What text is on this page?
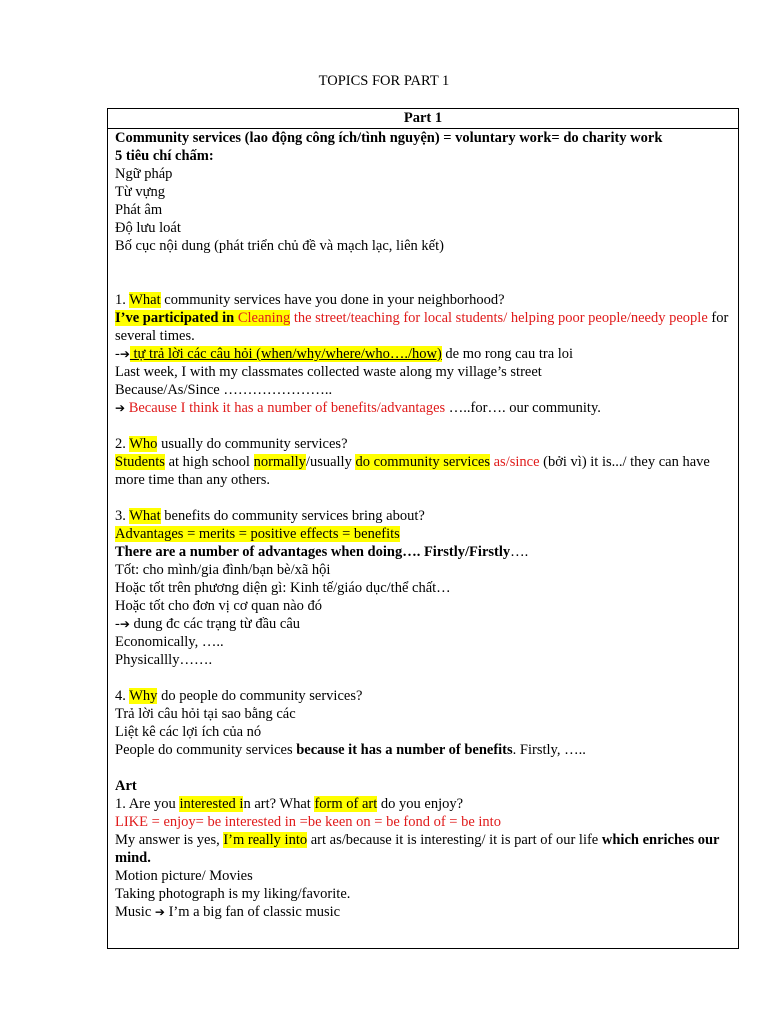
TOPICS FOR PART 1
Part 1
Community services (lao động công ích/tình nguyện) = voluntary work= do charity work
5 tiêu chí chấm:
Ngữ pháp
Từ vựng
Phát âm
Độ lưu loát
Bố cục nội dung (phát triển chủ đề và mạch lạc, liên kết)
1. What community services have you done in your neighborhood?
I’ve participated in Cleaning the street/teaching for local students/ helping poor people/needy people for several times.
-➔ tự trả lời các câu hỏi (when/why/where/who…./how) de mo rong cau tra loi
Last week, I with my classmates collected waste along my village’s street
Because/As/Since …………………..
➔ Because I think it has a number of benefits/advantages …..for…. our community.
2. Who usually do community services?
Students at high school normally/usually do community services as/since (bởi vì) it is.../ they can have more time than any others.
3. What benefits do community services bring about?
Advantages = merits = positive effects = benefits
There are a number of advantages when doing…. Firstly/Firstly….
Tốt: cho mình/gia đình/bạn bè/xã hội
Hoặc tốt trên phương diện gì: Kinh tế/giáo dục/thể chất…
Hoặc tốt cho đơn vị cơ quan nào đó
-➔ dung đc các trạng từ đầu câu
Economically, …..
Physicallly…….
4. Why do people do community services?
Trả lời câu hỏi tại sao bằng các
Liệt kê các lợi ích của nó
People do community services because it has a number of benefits. Firstly, …..
Art
1. Are you interested in art? What form of art do you enjoy?
LIKE = enjoy= be interested in =be keen on = be fond of = be into
My answer is yes, I’m really into art as/because it is interesting/ it is part of our life which enriches our mind.
Motion picture/ Movies
Taking photograph is my liking/favorite.
Music ➔ I’m a big fan of classic music
